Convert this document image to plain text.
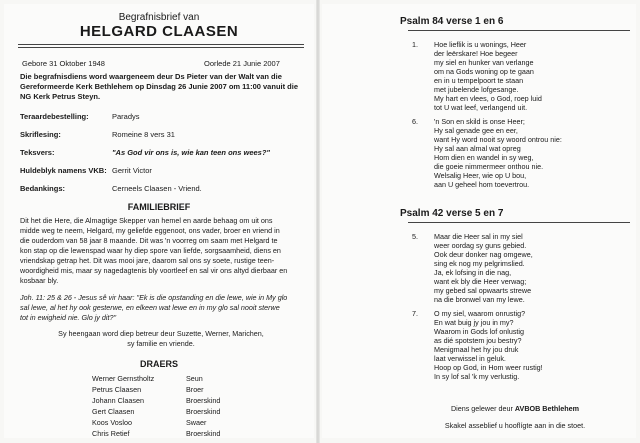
Begrafnisbrief van
HELGARD CLAASEN
Gebore 31 Oktober 1948	Oorlede 21 Junie 2007
Die begrafnisdiens word waargeneem deur Ds Pieter van der Walt van die
Gereformeerde Kerk Bethlehem op Dinsdag 26 Junie 2007 om 11:00 vanuit die
NG Kerk Petrus Steyn.
Teraardebestelling:	Paradys
Skriflesing:	Romeine 8 vers 31
Teksvers:	"As God vir ons is, wie kan teen ons wees?"
Huldeblyk namens VKB: Gerrit Victor
Bedankings:	Cerneels Claasen - Vriend.
FAMILIEBRIEF
Dit het die Here, die Almagtige Skepper van hemel en aarde behaag om uit ons
midde weg te neem, Helgard, my geliefde eggenoot, ons vader, broer en vriend in
die ouderdom van 58 jaar 8 maande. Dit was 'n voorreg om saam met Helgard te
kon stap op die lewenspad waar hy diep spore van liefde, sorgsaamheid, diens en
vriendskap getrap het. Dit was mooi jare, daarom sal ons sy soete, rustige teen-
woordigheid mis, maar sy nagedagtenis bly voortleef en sal vir ons altyd dierbaar en
kosbaar bly.
Joh. 11: 25 & 26 - Jesus sê vir haar: "Ek is die opstanding en die lewe, wie in My glo
sal lewe, al het hy ook gesterwe, en elkeen wat lewe en in my glo sal nooit sterwe
tot in ewigheid nie. Glo jy dit?"
Sy heengaan word diep betreur deur Suzette, Werner, Marichen,
sy familie en vriende.
DRAERS
Werner Gernstholtz	Seun
Petrus Claasen	Broer
Johann Claasen	Broerskind
Gert Claasen	Broerskind
Koos Vosloo	Swaer
Chris Retief	Broerskind
Psalm 84 verse 1 en 6
1. Hoe lieflik is u wonings, Heer
der leërskare! Hoe begeer
my siel en hunker van verlange
om na Gods woning op te gaan
en in u tempelpoort te staan
met jubelende lofgesange.
My hart en vlees, o God, roep luid
tot U wat leef, verlangend uit.
6. 'n Son en skild is onse Heer;
Hy sal genade gee en eer,
want Hy word nooit sy woord ontrou nie:
Hy sal aan almal wat opreg
Hom dien en wandel in sy weg,
die goeie nimmermeer onthou nie.
Welsalig Heer, wie op U bou,
aan U geheel hom toevertrou.
Psalm 42 verse 5 en 7
5. Maar die Heer sal in my siel
weer oordag sy guns gebied.
Ook deur donker nag omgewe,
sing ek nog my pelgrimslied.
Ja, ek lofsing in die nag,
want ek bly die Heer verwag;
my gebed sal opwaarts strewe
na die bronwel van my lewe.
7. O my siel, waarom onrustig?
En wat buig jy jou in my?
Waarom in Gods lof onlustig
as dié spotstem jou bestry?
Menigmaal het hy jou druk
laat verwissel in geluk.
Hoop op God, in Hom weer rustig!
In sy lof sal 'k my verlustig.
Diens gelewer deur AVBOB Bethlehem
Skakel asseblief u hooflígte aan in die stoet.
